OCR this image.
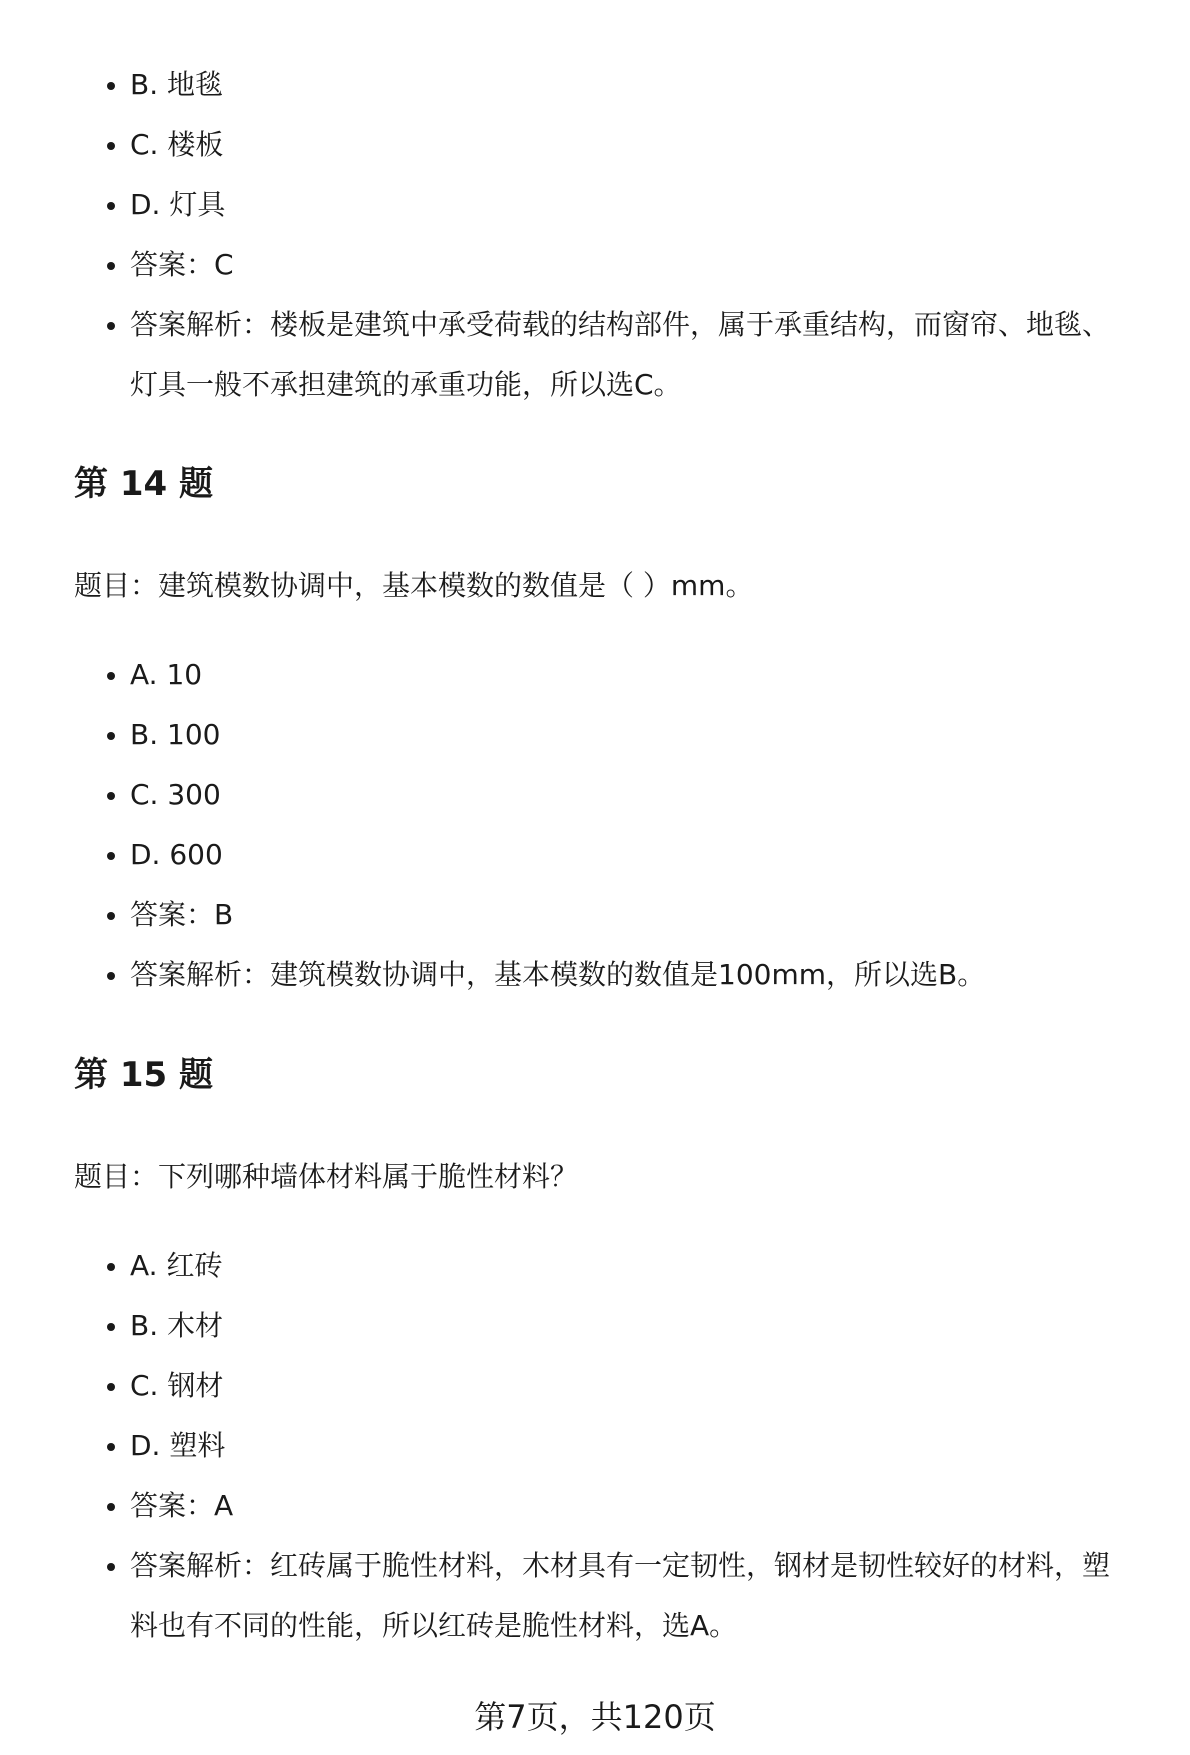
B. 地毯
C. 楼板
D. 灯具
答案：C
答案解析：楼板是建筑中承受荷载的结构部件，属于承重结构，而窗帘、地毯、灯具一般不承担建筑的承重功能，所以选C。
第 14 题
题目：建筑模数协调中，基本模数的数值是（ ）mm。
A. 10
B. 100
C. 300
D. 600
答案：B
答案解析：建筑模数协调中，基本模数的数值是100mm，所以选B。
第 15 题
题目：下列哪种墙体材料属于脆性材料？
A. 红砖
B. 木材
C. 钢材
D. 塑料
答案：A
答案解析：红砖属于脆性材料，木材具有一定韧性，钢材是韧性较好的材料，塑料也有不同的性能，所以红砖是脆性材料，选A。
第7页，共120页
